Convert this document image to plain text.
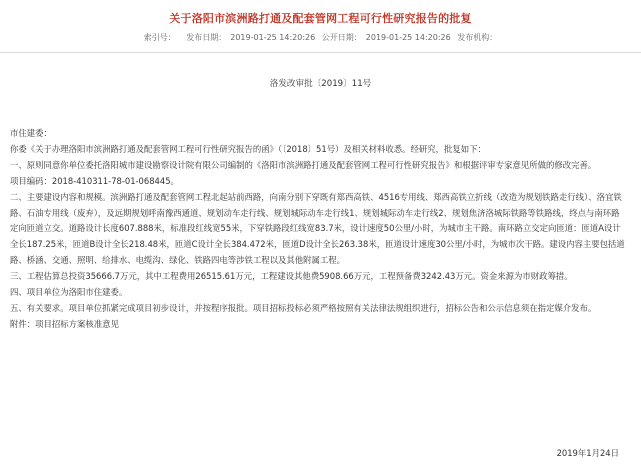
关于洛阳市滨洲路打通及配套管网工程可行性研究报告的批复
索引号： 发布日期： 2019-01-25 14:20:26 公开日期： 2019-01-25 14:20:26 发布机构：
洛发改审批〔2019〕11号

市住建委：

你委《关于办理洛阳市滨洲路打通及配套管网工程可行性研究报告的函》（〔2018〕51号）及相关材料收悉。经研究，批复如下：

一、原则同意你单位委托洛阳城市建设勘察设计院有限公司编制的《洛阳市滨洲路打通及配套管网工程可行性研究报告》和根据评审专家意见所做的修改完善。

项目编码：2018-410311-78-01-068445。

二、主要建设内容和规模。滨洲路打通及配套管网工程北起站前西路，向南分别下穿既有郑西高铁、4516专用线、郑西高铁立折线（改造为规划铁路走行线）、洛宜铁路、石油专用线（废弃），及远期规划呼南豫西通道、规划动车走行线、规划城际动车走行线1、规划城际动车走行线2、规划焦济洛城际铁路等铁路线，终点与南环路定向匝道立交。道路设计长度607.888米，标准段红线宽55米，下穿铁路段红线宽83.7米，设计速度50公里/小时，为城市主干路。南环路立交定向匝道：匝道A设计全长187.25米，匝道B设计全长218.48米，匝道C设计全长384.472米，匝道D设计全长263.38米，匝道设计速度30公里/小时，为城市次干路。建设内容主要包括道路、桥涵、交通、照明、给排水、电缆沟、绿化、铁路四电等涉铁工程以及其他附属工程。

三、工程估算总投资35666.7万元，其中工程费用26515.61万元，工程建设其他费5908.66万元，工程预备费3242.43万元。资金来源为市财政筹措。

四、项目单位为洛阳市住建委。

五、有关要求。项目单位抓紧完成项目初步设计，并按程序报批。项目招标投标必须严格按照有关法律法规组织进行，招标公告和公示信息须在指定媒介发布。

附件：项目招标方案核准意见

2019年1月24日
